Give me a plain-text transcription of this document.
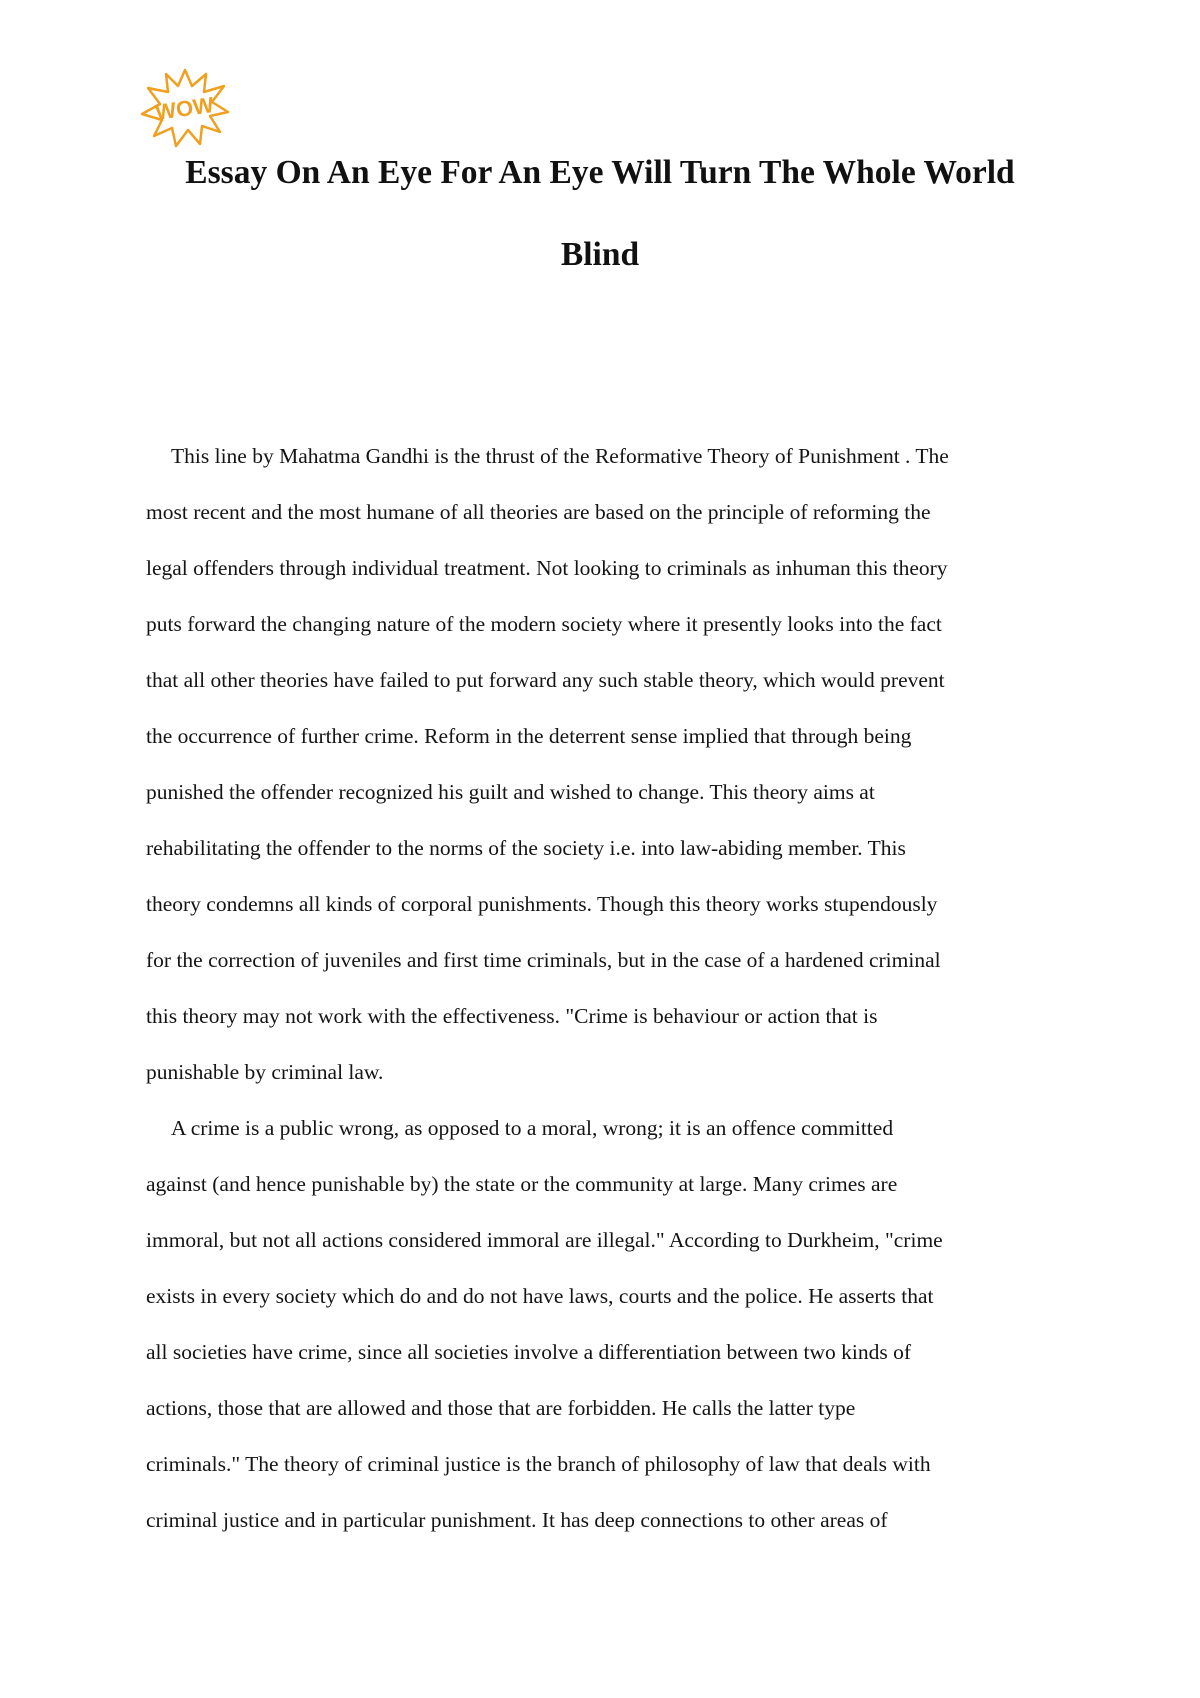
WOW
Essay On An Eye For An Eye Will Turn The Whole World
Blind
This line by Mahatma Gandhi is the thrust of the Reformative Theory of Punishment . The
most recent and the most humane of all theories are based on the principle of reforming the
legal offenders through individual treatment. Not looking to criminals as inhuman this theory
puts forward the changing nature of the modern society where it presently looks into the fact
that all other theories have failed to put forward any such stable theory, which would prevent
the occurrence of further crime. Reform in the deterrent sense implied that through being
punished the offender recognized his guilt and wished to change. This theory aims at
rehabilitating the offender to the norms of the society i.e. into law-abiding member. This
theory condemns all kinds of corporal punishments. Though this theory works stupendously
for the correction of juveniles and first time criminals, but in the case of a hardened criminal
this theory may not work with the effectiveness. "Crime is behaviour or action that is
punishable by criminal law.
A crime is a public wrong, as opposed to a moral, wrong; it is an offence committed
against (and hence punishable by) the state or the community at large. Many crimes are
immoral, but not all actions considered immoral are illegal." According to Durkheim, "crime
exists in every society which do and do not have laws, courts and the police. He asserts that
all societies have crime, since all societies involve a differentiation between two kinds of
actions, those that are allowed and those that are forbidden. He calls the latter type
criminals." The theory of criminal justice is the branch of philosophy of law that deals with
criminal justice and in particular punishment. It has deep connections to other areas of
